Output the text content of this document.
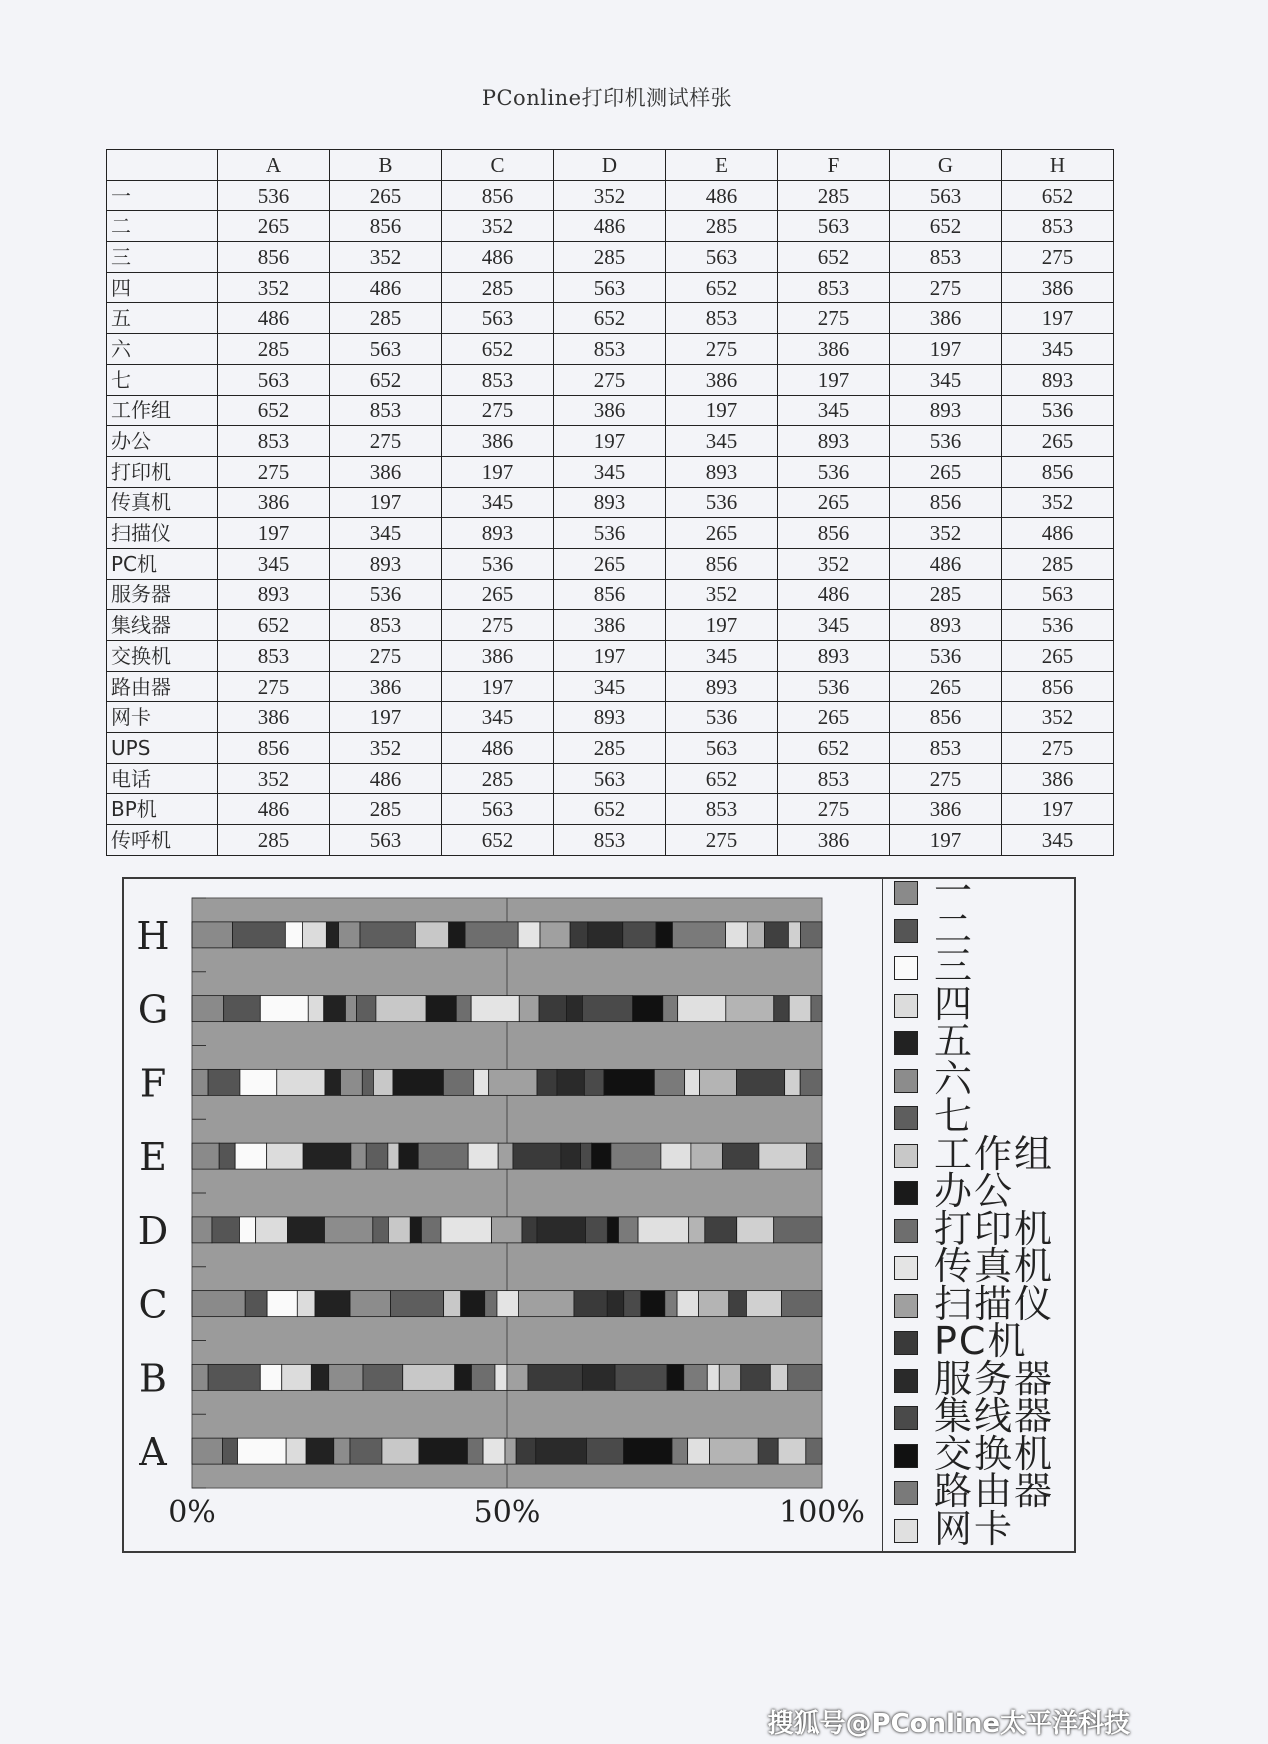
PConline打印机测试样张
	A	B	C	D	E	F	G	H
一	536	265	856	352	486	285	563	652
二	265	856	352	486	285	563	652	853
三	856	352	486	285	563	652	853	275
四	352	486	285	563	652	853	275	386
五	486	285	563	652	853	275	386	197
六	285	563	652	853	275	386	197	345
七	563	652	853	275	386	197	345	893
工作组	652	853	275	386	197	345	893	536
办公	853	275	386	197	345	893	536	265
打印机	275	386	197	345	893	536	265	856
传真机	386	197	345	893	536	265	856	352
扫描仪	197	345	893	536	265	856	352	486
PC机	345	893	536	265	856	352	486	285
服务器	893	536	265	856	352	486	285	563
集线器	652	853	275	386	197	345	893	536
交换机	853	275	386	197	345	893	536	265
路由器	275	386	197	345	893	536	265	856
网卡	386	197	345	893	536	265	856	352
UPS	856	352	486	285	563	652	853	275
电话	352	486	285	563	652	853	275	386
BP机	486	285	563	652	853	275	386	197
传呼机	285	563	652	853	275	386	197	345
A
B
C
D
E
F
G
H
0%	50%	100%
一
二
三
四
五
六
七
工作组
办公
打印机
传真机
扫描仪
PC机
服务器
集线器
交换机
路由器
网卡
搜狐号@PConline太平洋科技
